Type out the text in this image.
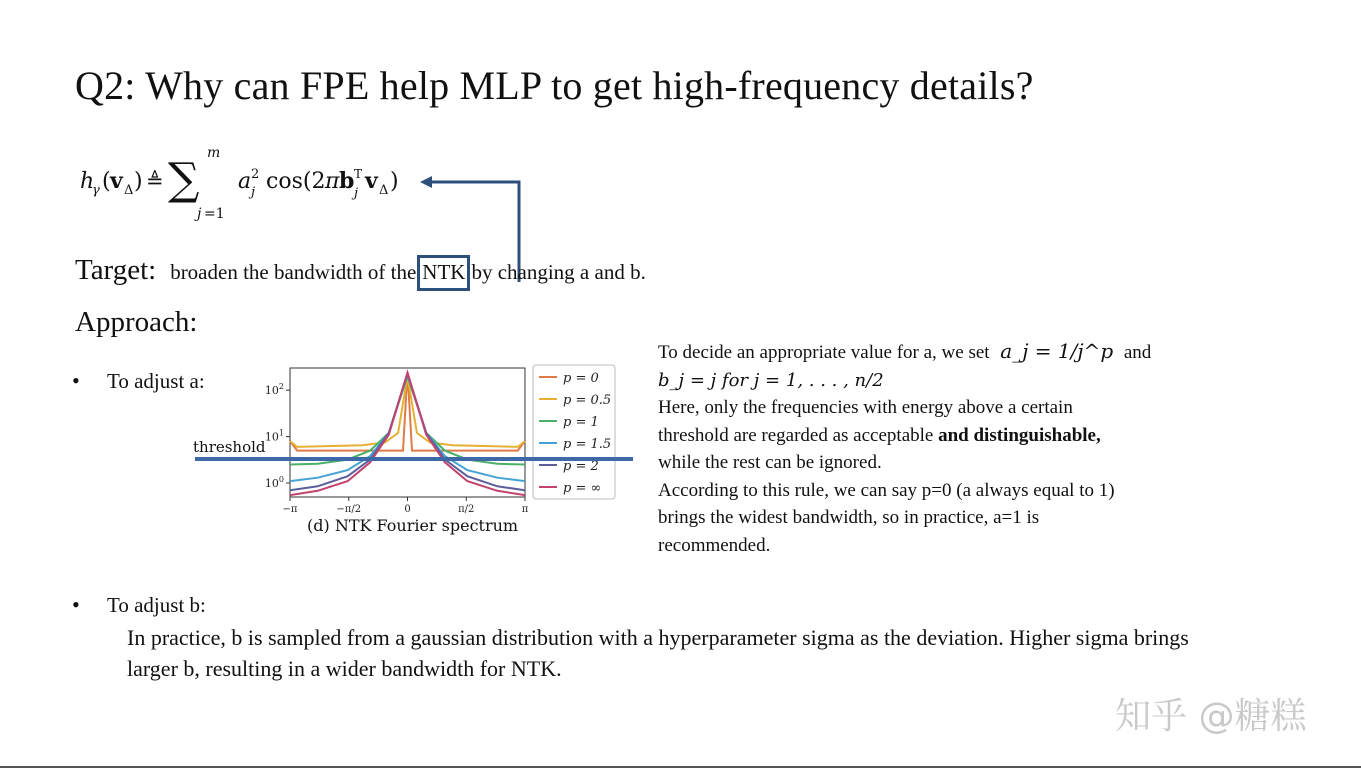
Q2: Why can FPE help MLP to get high-frequency details?
h
γ ( v Δ ) ≜ ∑
m
j =1
a 2
j cos(2 π b T
j v Δ )
Target: broaden the bandwidth of the NTK by changing a and b.
Approach:
• To adjust a:
−π	−π/2	0	π/2	π
$10^0$
$10^1$
$10^2$
p = 0
p = 0.5
p = 1
p = 1.5
p = 2
p = ∞
threshold
(d) NTK Fourier spectrum
To decide an appropriate value for a, we set a_j = 1/j^p and
b_j = j for j = 1, . . . , n/2
Here, only the frequencies with energy above a certain
threshold are regarded as acceptable and distinguishable,
while the rest can be ignored.
According to this rule, we can say p=0 (a always equal to 1)
brings the widest bandwidth, so in practice, a=1 is
recommended.
• To adjust b:
In practice, b is sampled from a gaussian distribution with a hyperparameter sigma as the deviation. Higher sigma brings larger b, resulting in a wider bandwidth for NTK.
知乎 @糖糕
